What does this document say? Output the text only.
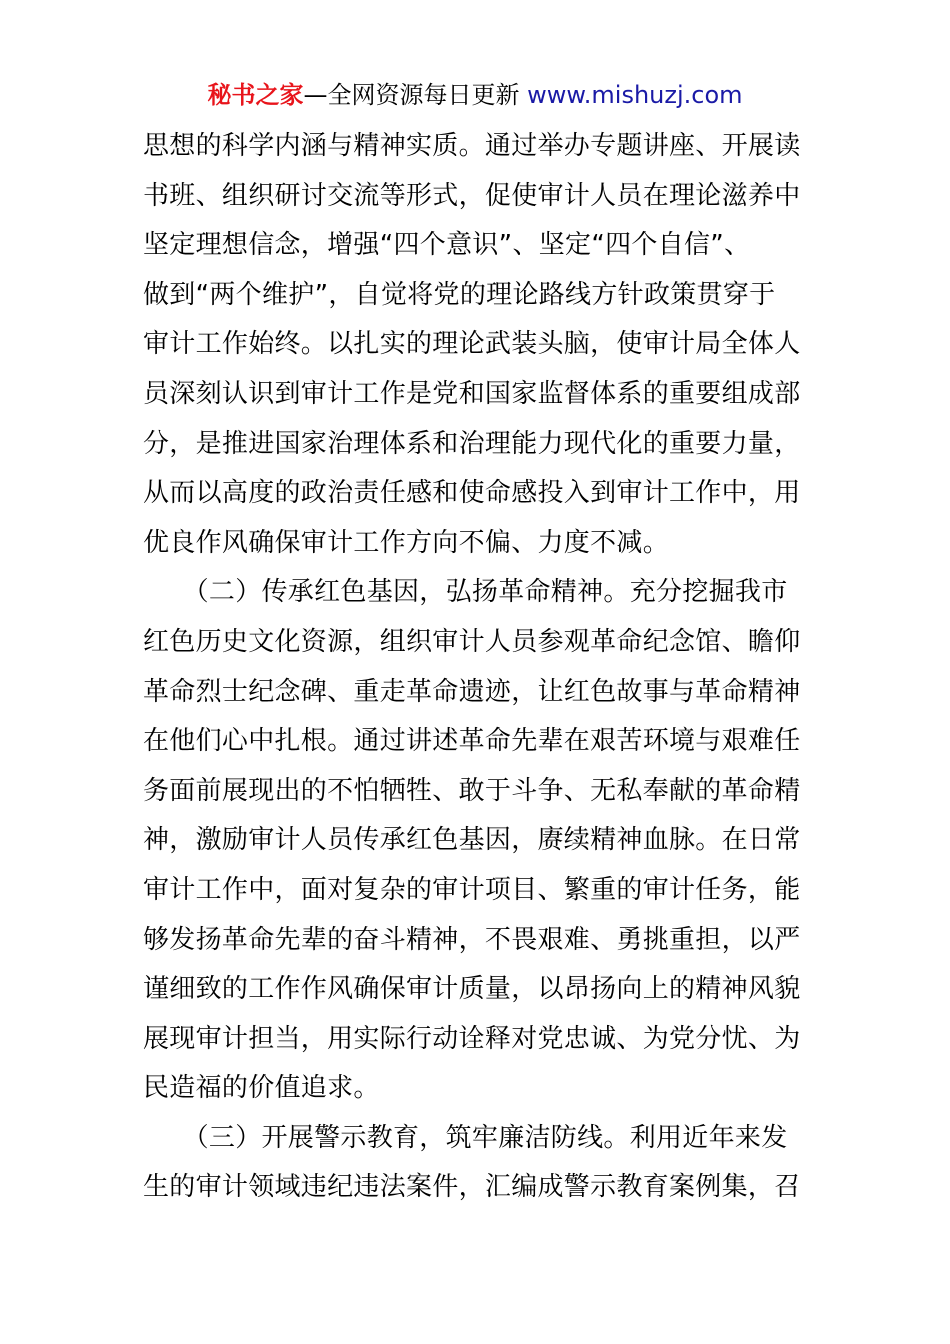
秘书之家—全网资源每日更新 www.mishuzj.com
思想的科学内涵与精神实质。通过举办专题讲座、开展读
书班、组织研讨交流等形式，促使审计人员在理论滋养中
坚定理想信念，增强“四个意识”、坚定“四个自信”、
做到“两个维护”，自觉将党的理论路线方针政策贯穿于
审计工作始终。以扎实的理论武装头脑，使审计局全体人
员深刻认识到审计工作是党和国家监督体系的重要组成部
分，是推进国家治理体系和治理能力现代化的重要力量，
从而以高度的政治责任感和使命感投入到审计工作中，用
优良作风确保审计工作方向不偏、力度不减。
　　（二）传承红色基因，弘扬革命精神。充分挖掘我市
红色历史文化资源，组织审计人员参观革命纪念馆、瞻仰
革命烈士纪念碑、重走革命遗迹，让红色故事与革命精神
在他们心中扎根。通过讲述革命先辈在艰苦环境与艰难任
务面前展现出的不怕牺牲、敢于斗争、无私奉献的革命精
神，激励审计人员传承红色基因，赓续精神血脉。在日常
审计工作中，面对复杂的审计项目、繁重的审计任务，能
够发扬革命先辈的奋斗精神，不畏艰难、勇挑重担，以严
谨细致的工作作风确保审计质量，以昂扬向上的精神风貌
展现审计担当，用实际行动诠释对党忠诚、为党分忧、为
民造福的价值追求。
　　（三）开展警示教育，筑牢廉洁防线。利用近年来发
生的审计领域违纪违法案件，汇编成警示教育案例集，召
